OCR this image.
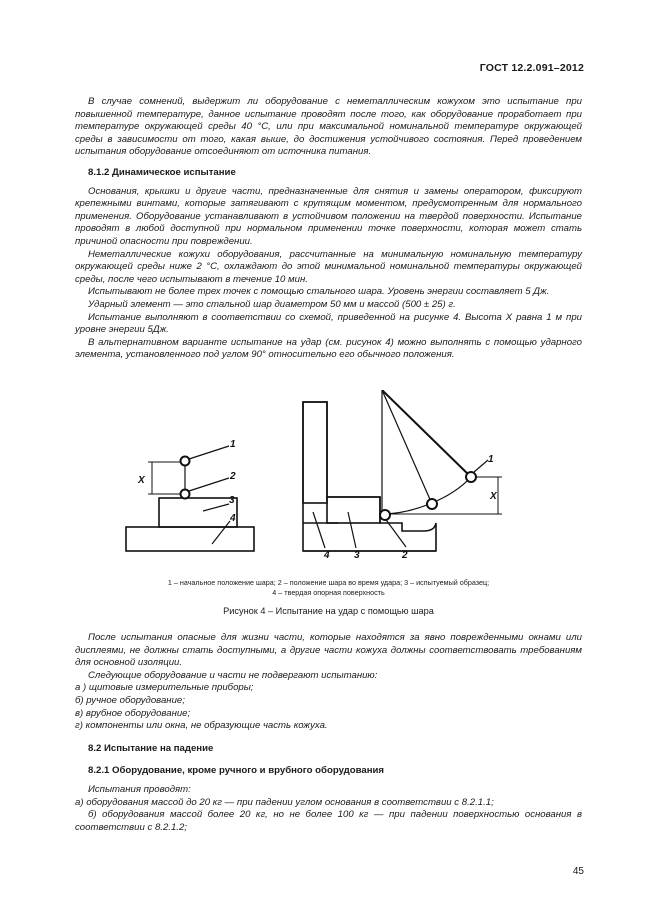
ГОСТ 12.2.091–2012

В случае сомнений, выдержит ли оборудование с неметаллическим кожухом это испытание при повышенной температуре, данное испытание проводят после того, как оборудование проработает при температуре окружающей среды 40 °С, или при максимальной номинальной температуре окружающей среды в зависимости от того, какая выше, до достижения устойчивого состояния. Перед проведением испытания оборудование отсоединяют от источника питания.

8.1.2 Динамическое испытание

Основания, крышки и другие части, предназначенные для снятия и замены оператором, фиксируют крепежными винтами, которые затягивают с крутящим моментом, предусмотренным для нормального применения. Оборудование устанавливают в устойчивом положении на твердой поверхности. Испытание проводят в любой доступной при нормальном применении точке поверхности, которая может стать причиной опасности при повреждении.

Неметаллические кожухи оборудования, рассчитанные на минимальную номинальную температуру окружающей среды ниже 2 °С, охлаждают до этой минимальной номинальной температуры окружающей среды, после чего испытывают в течение 10 мин.

Испытывают не более трех точек с помощью стального шара. Уровень энергии составляет 5 Дж.

Ударный элемент — это стальной шар диаметром 50 мм и массой (500 ± 25) г.

Испытание выполняют в соответствии со схемой, приведенной на рисунке 4. Высота X равна 1 м при уровне энергии 5Дж.

В альтернативном варианте испытание на удар (см. рисунок 4) можно выполнять с помощью ударного элемента, установленного под углом 90° относительно его обычного положения.

1
2
3
4
X
1
2
3
4
X
1 – начальное положение шара; 2 – положение шара во время удара; 3 – испытуемый образец;
4 – твердая опорная поверхность
Рисунок 4 – Испытание на удар с помощью шара

После испытания опасные для жизни части, которые находятся за явно поврежденными окнами или дисплеями, не должны стать доступными, а другие части кожуха должны соответствовать требованиям для основной изоляции.

Следующие оборудование и части не подвергают испытанию:

а ) щитовые измерительные приборы;

б) ручное оборудование;

в) врубное оборудование;

г) компоненты или окна, не образующие часть кожуха.

8.2 Испытание на падение

8.2.1 Оборудование, кроме ручного и врубного оборудования

Испытания проводят:

а) оборудования массой до 20 кг — при падении углом основания в соответствии с 8.2.1.1;

б) оборудования массой более 20 кг, но не более 100 кг — при падении поверхностью основания в соответствии с 8.2.1.2;

45
